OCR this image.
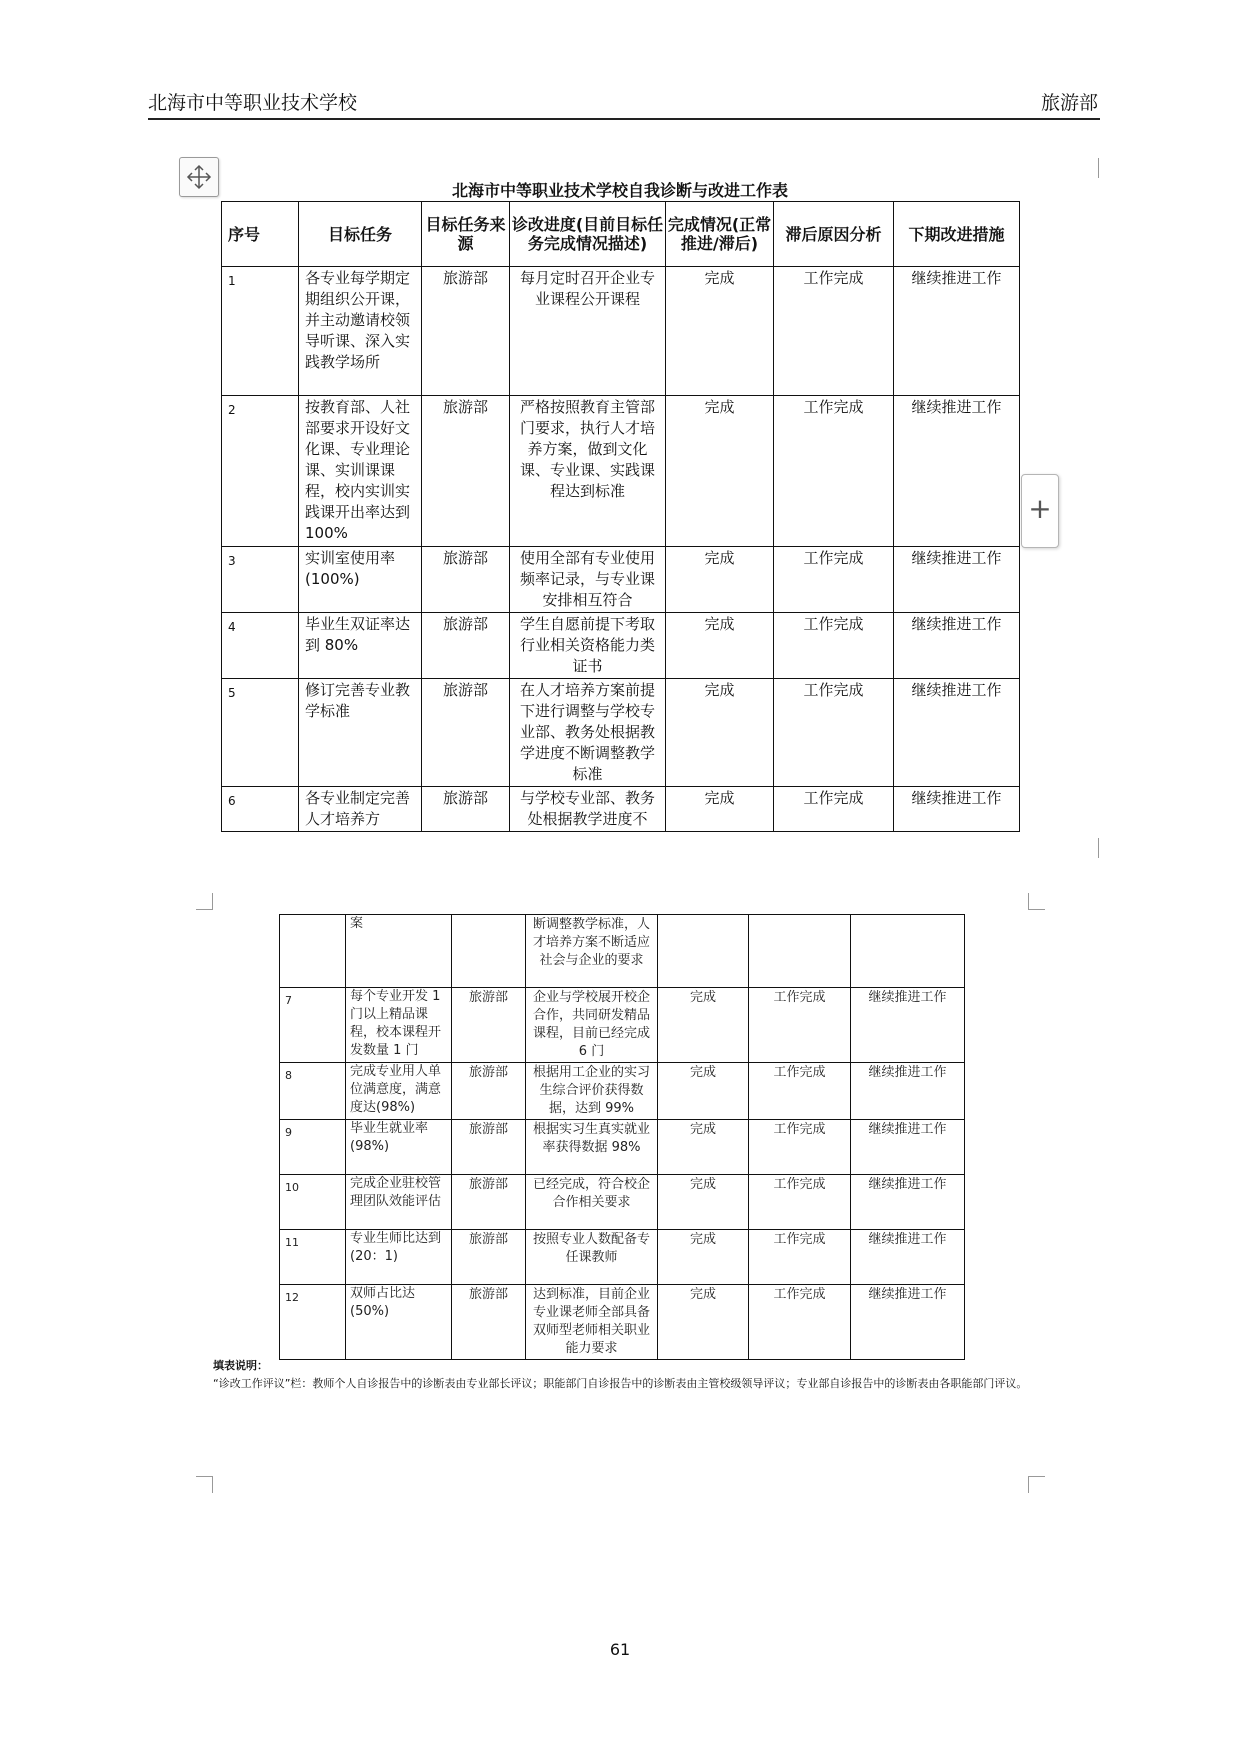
北海市中等职业技术学校	旅游部
+
北海市中等职业技术学校自我诊断与改进工作表
序号	目标任务	目标任务来源	诊改进度(目前目标任务完成情况描述)	完成情况(正常推进/滞后)	滞后原因分析	下期改进措施
1	各专业每学期定期组织公开课，并主动邀请校领导听课、深入实践教学场所	旅游部	每月定时召开企业专业课程公开课程	完成	工作完成	继续推进工作
2	按教育部、人社部要求开设好文化课、专业理论课、实训课课程，校内实训实践课开出率达到 100%	旅游部	严格按照教育主管部门要求，执行人才培养方案，做到文化课、专业课、实践课程达到标准	完成	工作完成	继续推进工作
3	实训室使用率(100%)	旅游部	使用全部有专业使用频率记录，与专业课安排相互符合	完成	工作完成	继续推进工作
4	毕业生双证率达到 80%	旅游部	学生自愿前提下考取行业相关资格能力类证书	完成	工作完成	继续推进工作
5	修订完善专业教学标准	旅游部	在人才培养方案前提下进行调整与学校专业部、教务处根据教学进度不断调整教学标准	完成	工作完成	继续推进工作
6	各专业制定完善人才培养方	旅游部	与学校专业部、教务处根据教学进度不	完成	工作完成	继续推进工作
	案		断调整教学标准，人才培养方案不断适应社会与企业的要求			
7	每个专业开发 1 门以上精品课程，校本课程开发数量 1 门	旅游部	企业与学校展开校企合作，共同研发精品课程，目前已经完成 6 门	完成	工作完成	继续推进工作
8	完成专业用人单位满意度，满意度达(98%)	旅游部	根据用工企业的实习生综合评价获得数据，达到 99%	完成	工作完成	继续推进工作
9	毕业生就业率(98%)	旅游部	根据实习生真实就业率获得数据 98%	完成	工作完成	继续推进工作
10	完成企业驻校管理团队效能评估	旅游部	已经完成，符合校企合作相关要求	完成	工作完成	继续推进工作
11	专业生师比达到(20：1)	旅游部	按照专业人数配备专任课教师	完成	工作完成	继续推进工作
12	双师占比达(50%)	旅游部	达到标准，目前企业专业课老师全部具备双师型老师相关职业能力要求	完成	工作完成	继续推进工作
填表说明：
“诊改工作评议”栏：教师个人自诊报告中的诊断表由专业部长评议；职能部门自诊报告中的诊断表由主管校级领导评议；专业部自诊报告中的诊断表由各职能部门评议。
61
